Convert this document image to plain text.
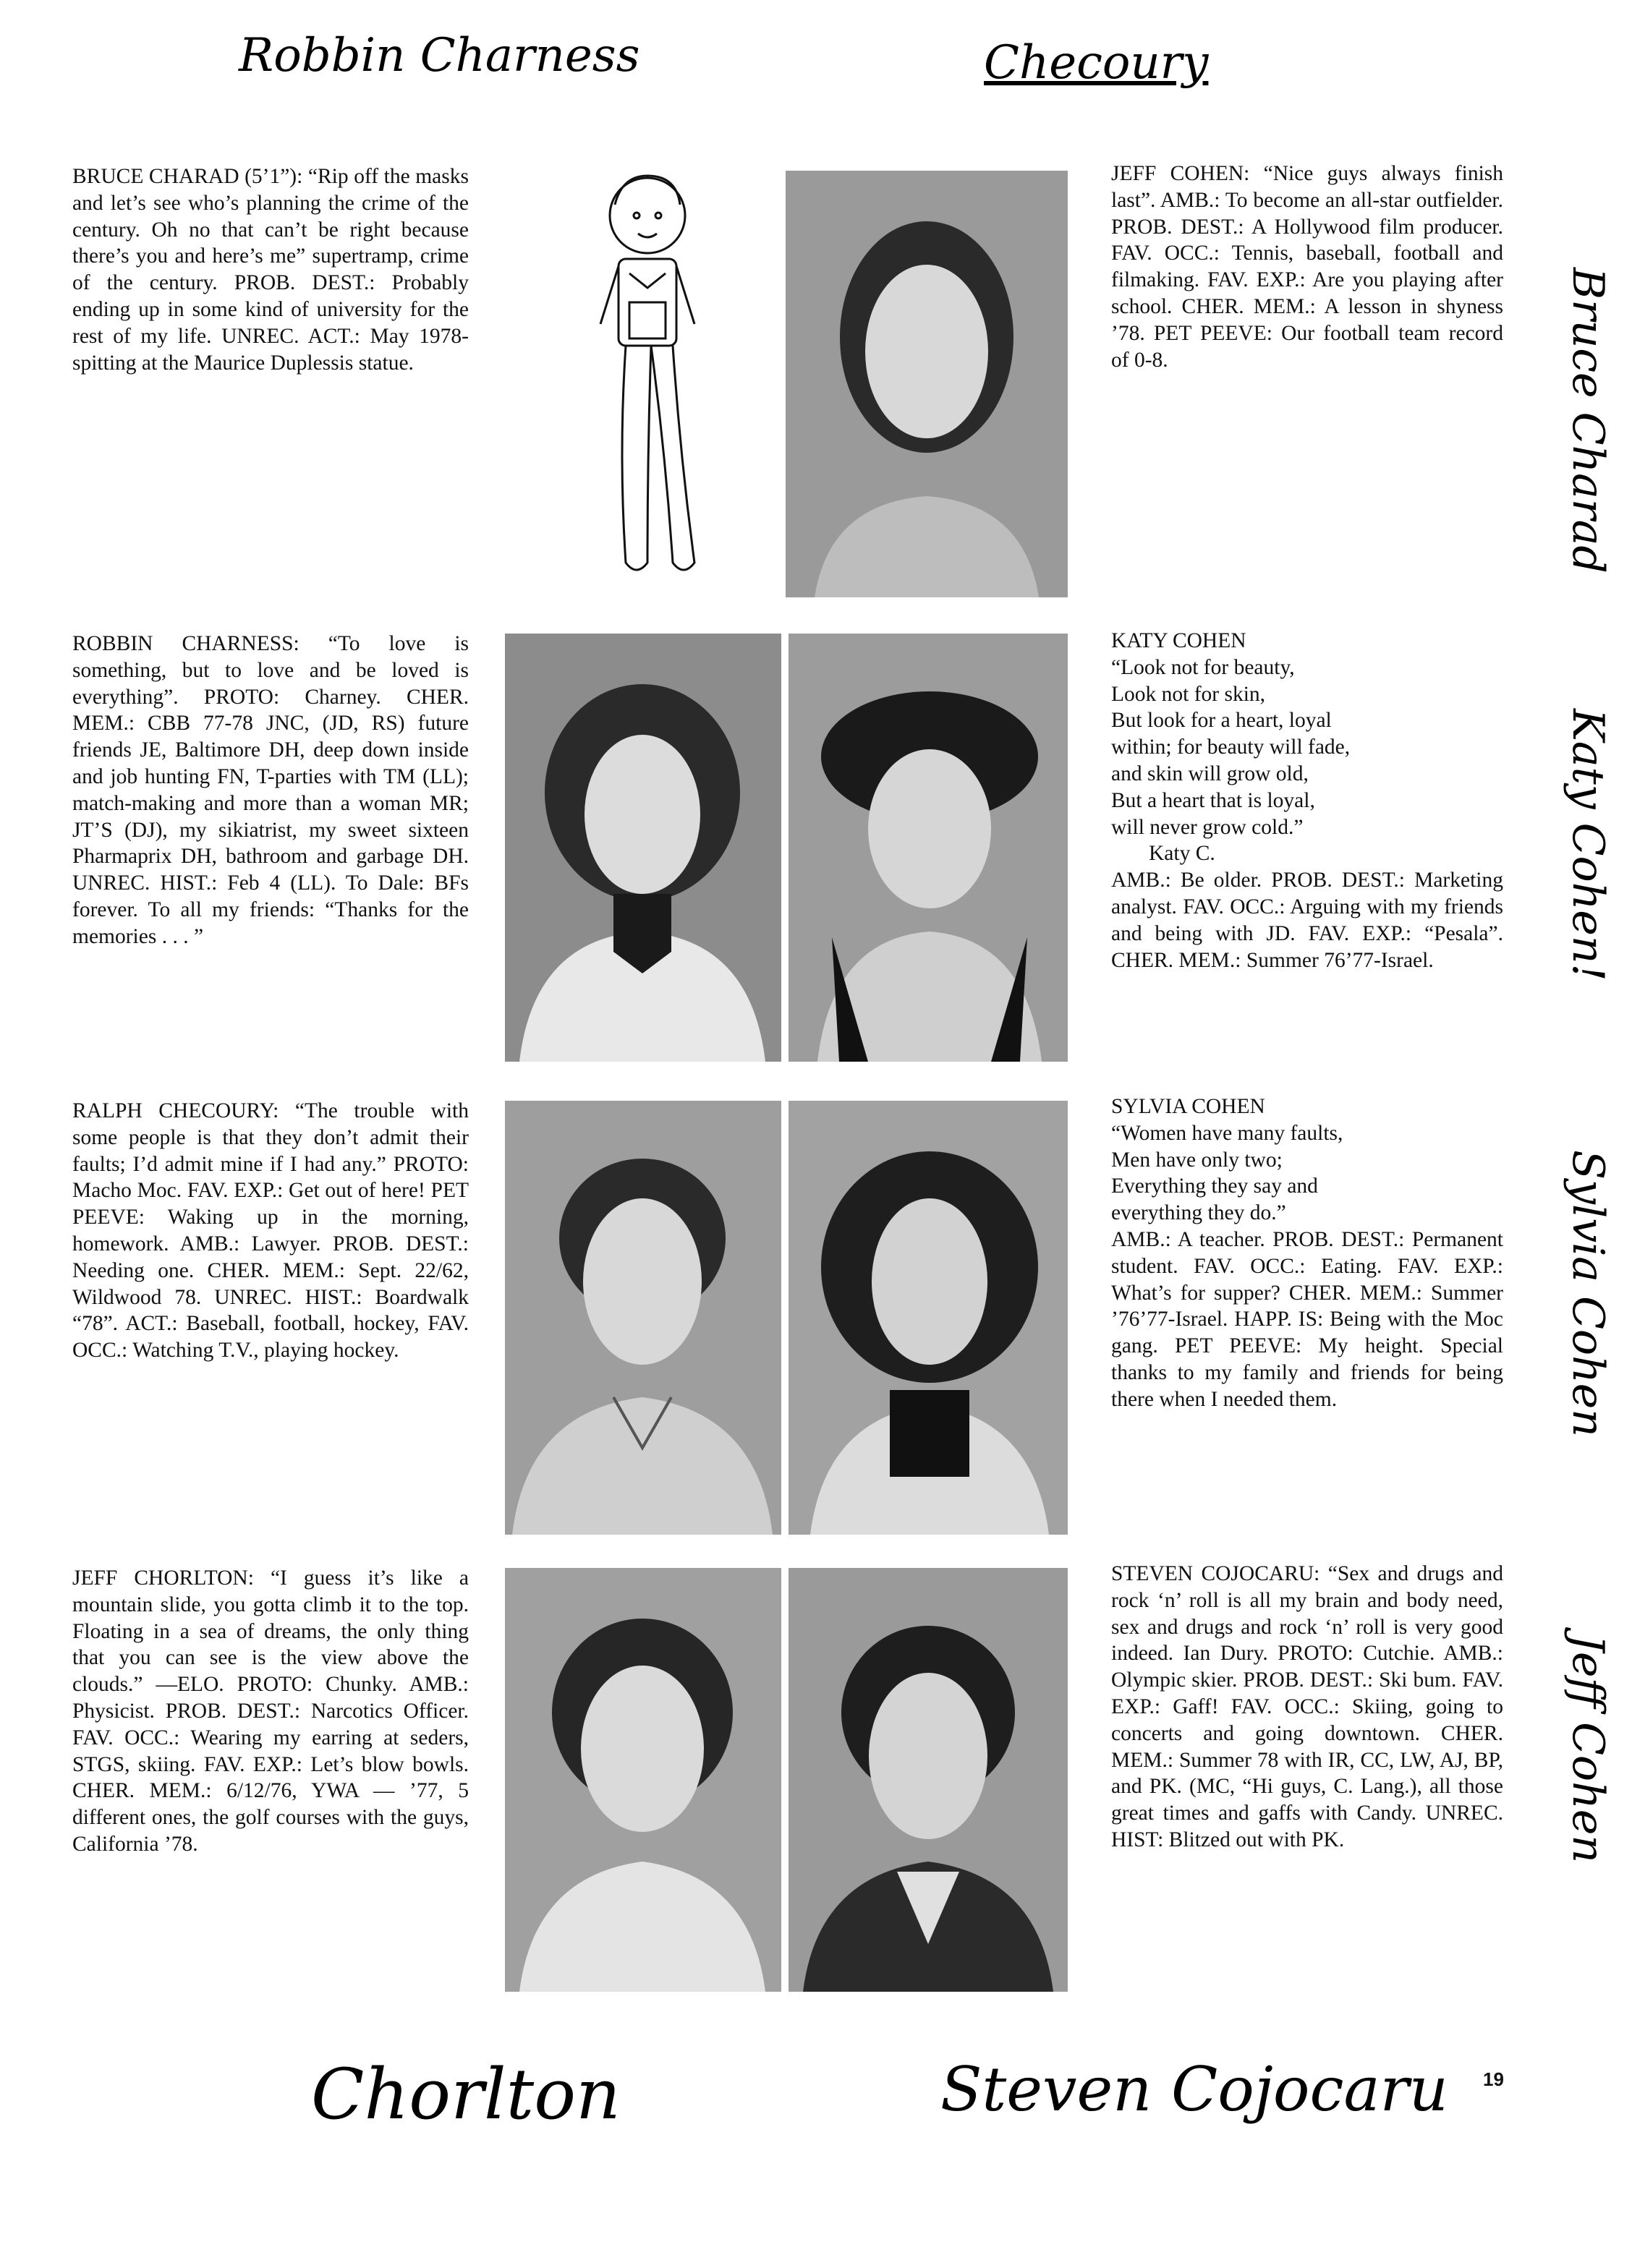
Robbin Charness	Checoury
BRUCE CHARAD (5’1”): “Rip off the masks and let’s see who’s planning the crime of the century. Oh no that can’t be right because there’s you and here’s me” supertramp, crime of the century. PROB. DEST.: Probably ending up in some kind of university for the rest of my life. UNREC. ACT.: May 1978- spitting at the Maurice Duplessis statue.
JEFF COHEN: “Nice guys always finish last”. AMB.: To become an all-star outfielder. PROB. DEST.: A Hollywood film producer. FAV. OCC.: Tennis, baseball, football and filmaking. FAV. EXP.: Are you playing after school. CHER. MEM.: A lesson in shyness ’78. PET PEEVE: Our football team record of 0-8.	Bruce Charad
ROBBIN CHARNESS: “To love is something, but to love and be loved is everything”. PROTO: Charney. CHER. MEM.: CBB 77-78 JNC, (JD, RS) future friends JE, Baltimore DH, deep down inside and job hunting FN, T-parties with TM (LL); match-making and more than a woman MR; JT’S (DJ), my sikiatrist, my sweet sixteen Pharmaprix DH, bathroom and garbage DH. UNREC. HIST.: Feb 4 (LL). To Dale: BFs forever. To all my friends: “Thanks for the memories . . . ”
KATY COHEN
“Look not for beauty,
Look not for skin,
But look for a heart, loyal
within; for beauty will fade,
and skin will grow old,
But a heart that is loyal,
will never grow cold.”
Katy C.
AMB.: Be older. PROB. DEST.: Marketing analyst. FAV. OCC.: Arguing with my friends and being with JD. FAV. EXP.: “Pesala”. CHER. MEM.: Summer 76’77-Israel.	Katy Cohen!
RALPH CHECOURY: “The trouble with some people is that they don’t admit their faults; I’d admit mine if I had any.” PROTO: Macho Moc. FAV. EXP.: Get out of here! PET PEEVE: Waking up in the morning, homework. AMB.: Lawyer. PROB. DEST.: Needing one. CHER. MEM.: Sept. 22/62, Wildwood 78. UNREC. HIST.: Boardwalk “78”. ACT.: Baseball, football, hockey, FAV. OCC.: Watching T.V., playing hockey.
SYLVIA COHEN
“Women have many faults,
Men have only two;
Everything they say and
everything they do.”
AMB.: A teacher. PROB. DEST.: Permanent student. FAV. OCC.: Eating. FAV. EXP.: What’s for supper? CHER. MEM.: Summer ’76’77-Israel. HAPP. IS: Being with the Moc gang. PET PEEVE: My height. Special thanks to my family and friends for being there when I needed them.	Sylvia Cohen
JEFF CHORLTON: “I guess it’s like a mountain slide, you gotta climb it to the top. Floating in a sea of dreams, the only thing that you can see is the view above the clouds.” —ELO. PROTO: Chunky. AMB.: Physicist. PROB. DEST.: Narcotics Officer. FAV. OCC.: Wearing my earring at seders, STGS, skiing. FAV. EXP.: Let’s blow bowls. CHER. MEM.: 6/12/76, YWA — ’77, 5 different ones, the golf courses with the guys, California ’78.
STEVEN COJOCARU: “Sex and drugs and rock ‘n’ roll is all my brain and body need, sex and drugs and rock ‘n’ roll is very good indeed. Ian Dury. PROTO: Cutchie. AMB.: Olympic skier. PROB. DEST.: Ski bum. FAV. EXP.: Gaff! FAV. OCC.: Skiing, going to concerts and going downtown. CHER. MEM.: Summer 78 with IR, CC, LW, AJ, BP, and PK. (MC, “Hi guys, C. Lang.), all those great times and gaffs with Candy. UNREC. HIST: Blitzed out with PK.	Jeff Cohen
Chorlton	Steven Cojocaru 19
